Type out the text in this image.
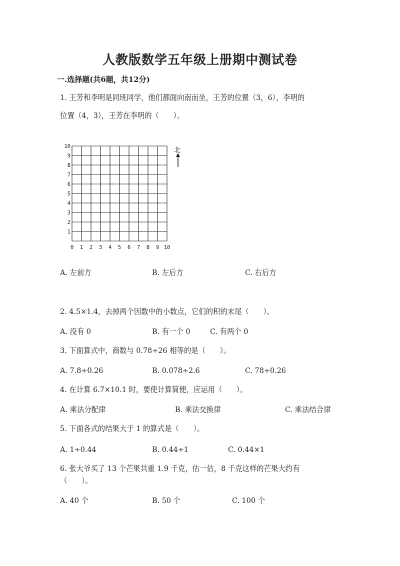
人教版数学五年级上册期中测试卷
一.选择题(共6题，共12分)
1. 王芳和李明是同班同学，他们都面向南而坐，王芳的位置（3，6），李明的
位置（4，3），王芳在李明的（　　）。
10
9
8
7
6
5
4
3
2
1
0 1 2 3 4 5 6 7 8 9 10
北
A. 左前方	B. 左后方	C. 右后方
2. 4.5×1.4，去掉两个因数中的小数点，它们的积的末尾（　　）。
A. 没有 0	B. 有一个 0	C. 有两个 0
3. 下面算式中，商数与 0.78÷26 相等的是（　　）。
A. 7.8÷0.26	B. 0.078÷2.6	C. 78÷0.26
4. 在计算 6.7×10.1 时，要使计算简便，应运用（　　）。
A. 乘法分配律	B. 乘法交换律	C. 乘法结合律
5. 下面各式的结果大于 1 的算式是（　　）。
A. 1÷0.44	B. 0.44÷1	C. 0.44×1
6. 张大爷买了 13 个芒果共重 1.9 千克，估一估，8 千克这样的芒果大约有
（　　）。
A. 40 个	B. 50 个	C. 100 个
